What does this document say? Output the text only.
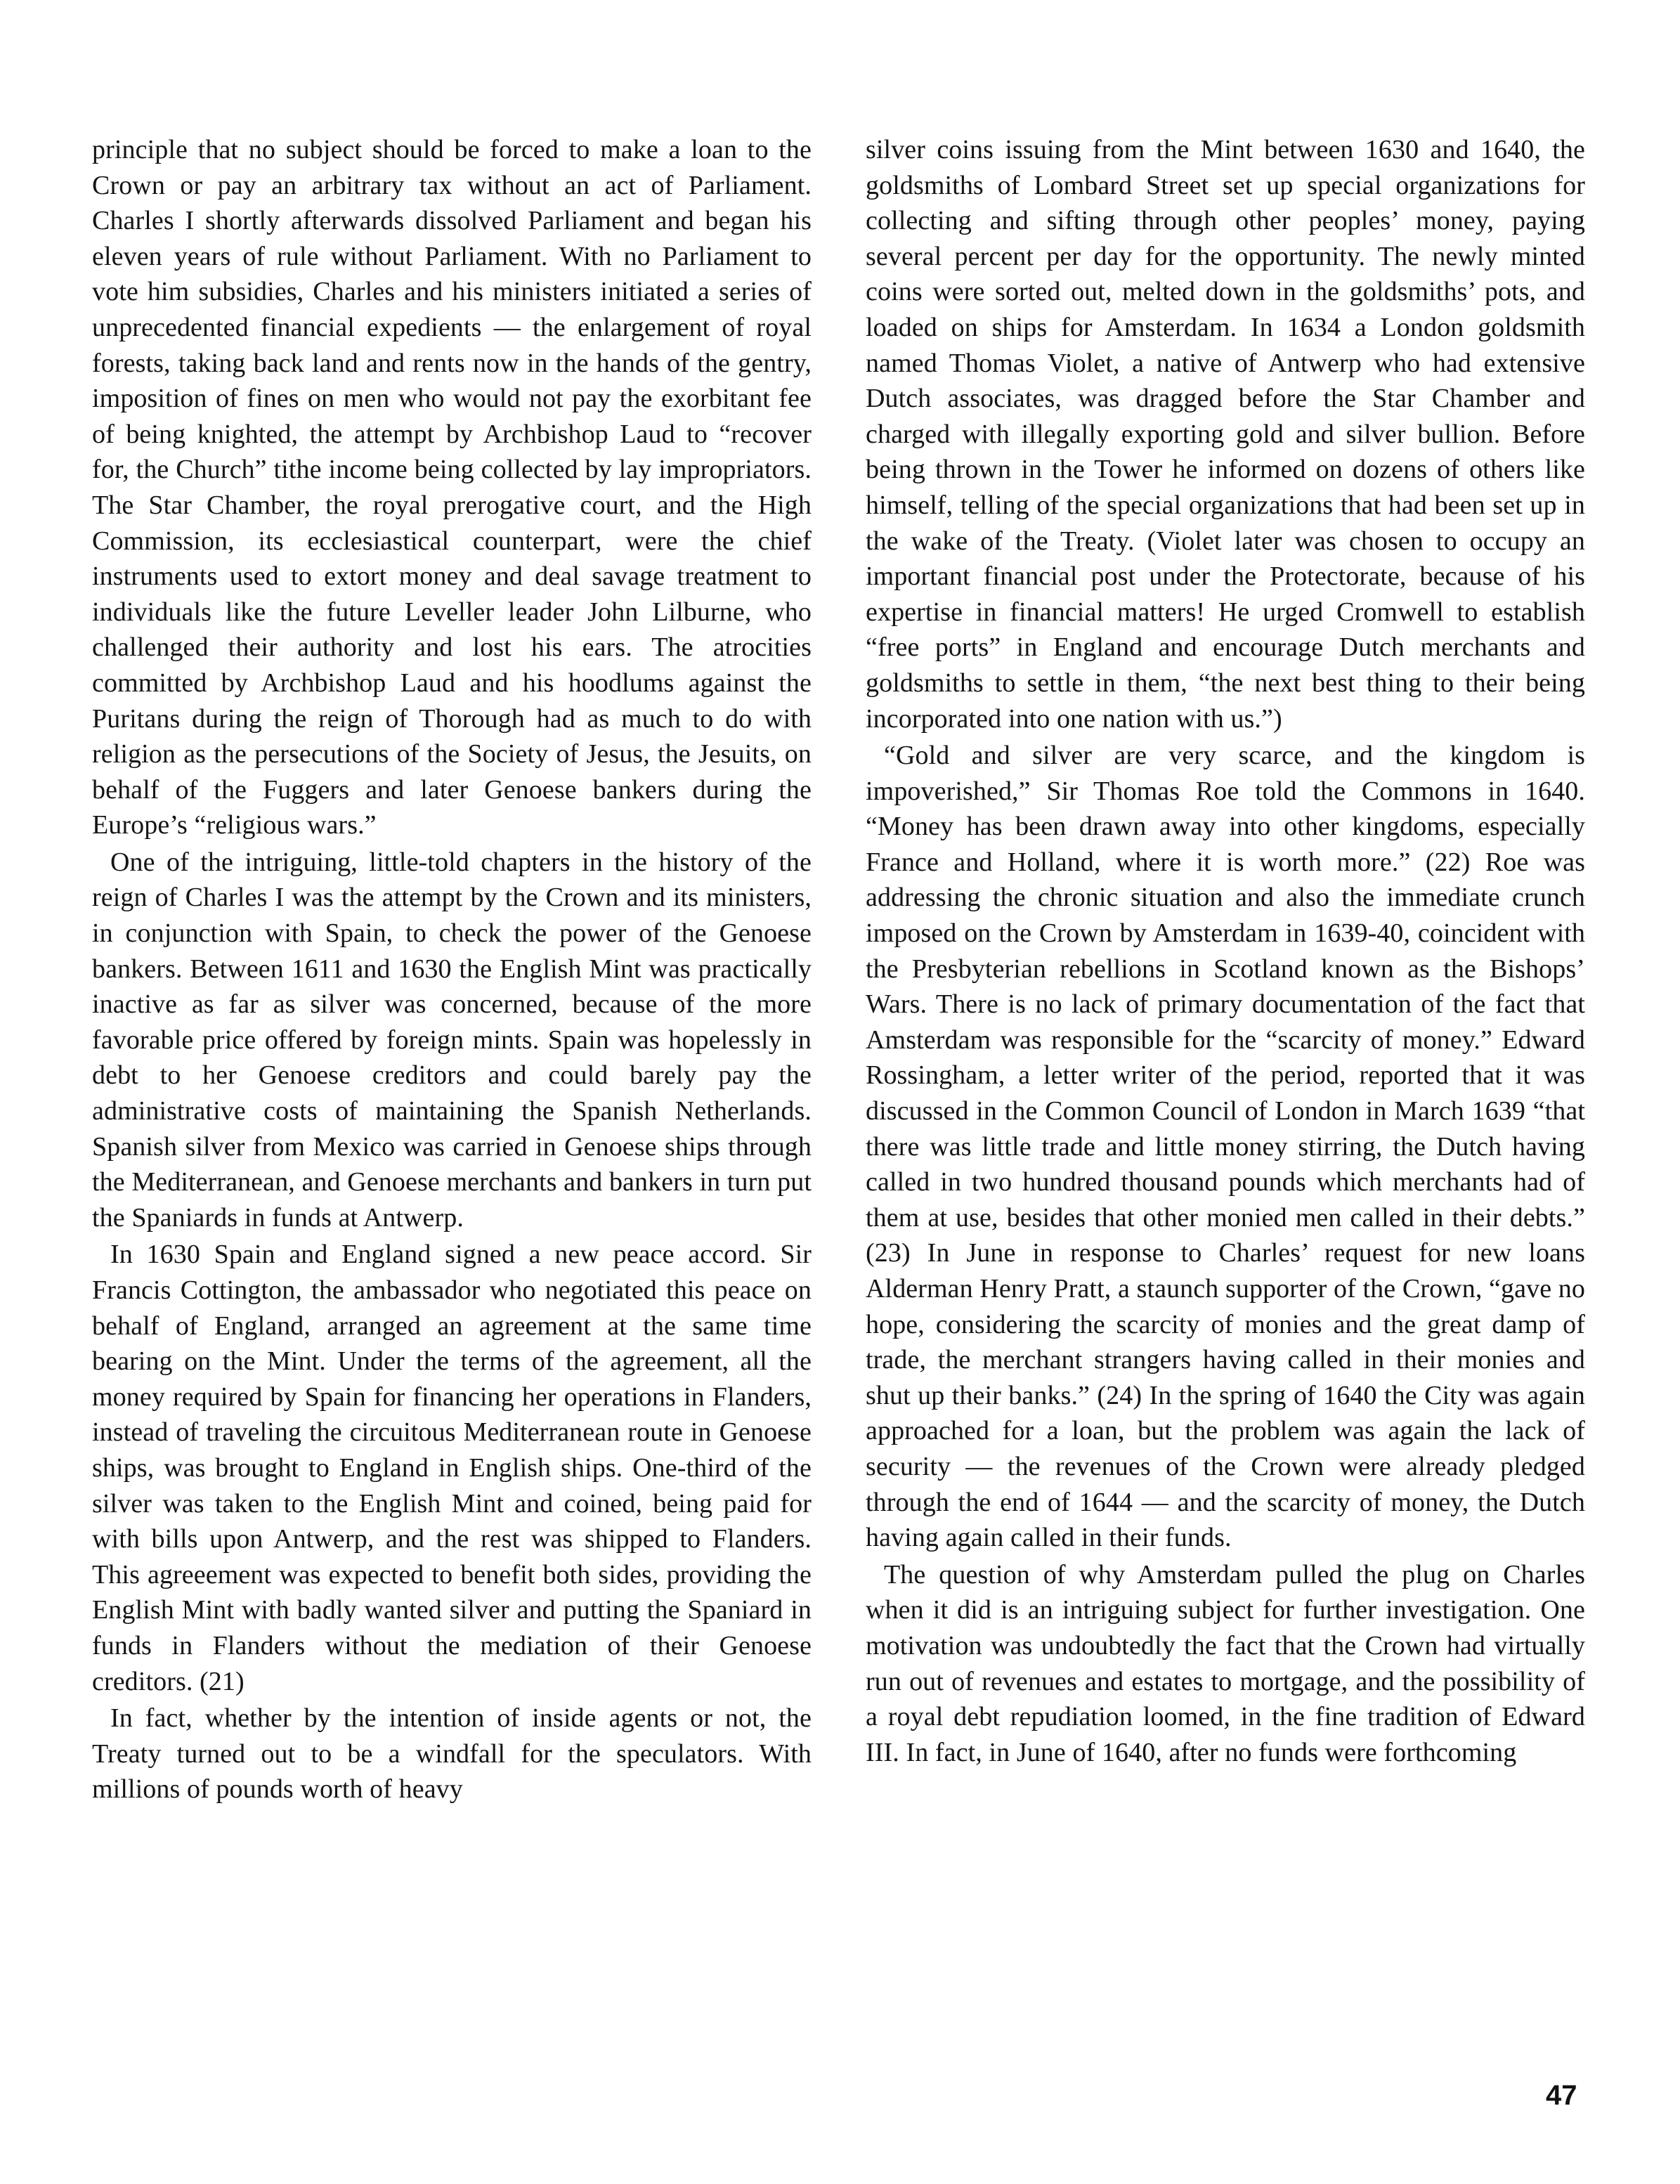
principle that no subject should be forced to make a loan to the Crown or pay an arbitrary tax without an act of Parliament. Charles I shortly afterwards dissolved Parliament and began his eleven years of rule without Parliament. With no Parliament to vote him subsidies, Charles and his ministers initiated a series of unprecedented financial expedients — the enlargement of royal forests, taking back land and rents now in the hands of the gentry, imposition of fines on men who would not pay the exorbitant fee of being knighted, the attempt by Archbishop Laud to “recover for, the Church” tithe income being collected by lay impropriators. The Star Chamber, the royal prerogative court, and the High Commission, its ecclesiastical counterpart, were the chief instruments used to extort money and deal savage treatment to individuals like the future Leveller leader John Lilburne, who challenged their authority and lost his ears. The atrocities committed by Archbishop Laud and his hoodlums against the Puritans during the reign of Thorough had as much to do with religion as the persecutions of the Society of Jesus, the Jesuits, on behalf of the Fuggers and later Genoese bankers during the Europe’s “religious wars.”

One of the intriguing, little-told chapters in the history of the reign of Charles I was the attempt by the Crown and its ministers, in conjunction with Spain, to check the power of the Genoese bankers. Between 1611 and 1630 the English Mint was practically inactive as far as silver was concerned, because of the more favorable price offered by foreign mints. Spain was hopelessly in debt to her Genoese creditors and could barely pay the administrative costs of maintaining the Spanish Netherlands. Spanish silver from Mexico was carried in Genoese ships through the Mediterranean, and Genoese merchants and bankers in turn put the Spaniards in funds at Antwerp.

In 1630 Spain and England signed a new peace accord. Sir Francis Cottington, the ambassador who negotiated this peace on behalf of England, arranged an agreement at the same time bearing on the Mint. Under the terms of the agreement, all the money required by Spain for financing her operations in Flanders, instead of traveling the circuitous Mediterranean route in Genoese ships, was brought to England in English ships. One-third of the silver was taken to the English Mint and coined, being paid for with bills upon Antwerp, and the rest was shipped to Flanders. This agreeement was expected to benefit both sides, providing the English Mint with badly wanted silver and putting the Spaniard in funds in Flanders without the mediation of their Genoese creditors. (21)

In fact, whether by the intention of inside agents or not, the Treaty turned out to be a windfall for the speculators. With millions of pounds worth of heavy

silver coins issuing from the Mint between 1630 and 1640, the goldsmiths of Lombard Street set up special organizations for collecting and sifting through other peoples’ money, paying several percent per day for the opportunity. The newly minted coins were sorted out, melted down in the goldsmiths’ pots, and loaded on ships for Amsterdam. In 1634 a London goldsmith named Thomas Violet, a native of Antwerp who had extensive Dutch associates, was dragged before the Star Chamber and charged with illegally exporting gold and silver bullion. Before being thrown in the Tower he informed on dozens of others like himself, telling of the special organizations that had been set up in the wake of the Treaty. (Violet later was chosen to occupy an important financial post under the Protectorate, because of his expertise in financial matters! He urged Cromwell to establish “free ports” in England and encourage Dutch merchants and goldsmiths to settle in them, “the next best thing to their being incorporated into one nation with us.”)

“Gold and silver are very scarce, and the kingdom is impoverished,” Sir Thomas Roe told the Commons in 1640. “Money has been drawn away into other kingdoms, especially France and Holland, where it is worth more.” (22) Roe was addressing the chronic situation and also the immediate crunch imposed on the Crown by Amsterdam in 1639-40, coincident with the Presbyterian rebellions in Scotland known as the Bishops’ Wars. There is no lack of primary documentation of the fact that Amsterdam was responsible for the “scarcity of money.” Edward Rossingham, a letter writer of the period, reported that it was discussed in the Common Council of London in March 1639 “that there was little trade and little money stirring, the Dutch having called in two hundred thousand pounds which merchants had of them at use, besides that other monied men called in their debts.” (23) In June in response to Charles’ request for new loans Alderman Henry Pratt, a staunch supporter of the Crown, “gave no hope, considering the scarcity of monies and the great damp of trade, the merchant strangers having called in their monies and shut up their banks.” (24) In the spring of 1640 the City was again approached for a loan, but the problem was again the lack of security — the revenues of the Crown were already pledged through the end of 1644 — and the scarcity of money, the Dutch having again called in their funds.

The question of why Amsterdam pulled the plug on Charles when it did is an intriguing subject for further investigation. One motivation was undoubtedly the fact that the Crown had virtually run out of revenues and estates to mortgage, and the possibility of a royal debt repudiation loomed, in the fine tradition of Edward III. In fact, in June of 1640, after no funds were forthcoming

47
